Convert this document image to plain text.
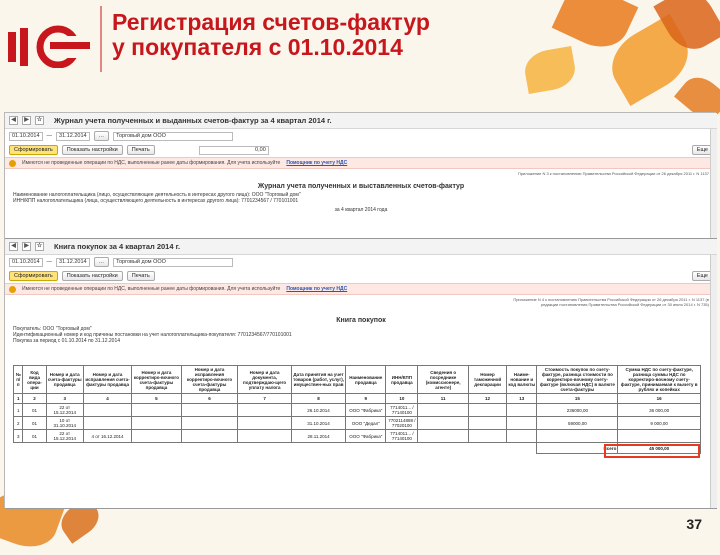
Регистрация счетов-фактур
у покупателя с 01.10.2014
◀	▶	☆ Журнал учета полученных и выданных счетов-фактур за 4 квартал 2014 г.
01.10.2014	—	31.12.2014	…	Торговый дом ООО
Сформировать	Показать настройки	Печать	0,00	Еще
Имеются не проведенные операции по НДС, выполненные ранее даты формирования. Для учета используйте Помощник по учету НДС
Приложение N 3 к постановлению Правительства Российской Федерации от 26 декабря 2011 г. N 1137
Журнал учета полученных и выставленных счетов-фактур
Наименование налогоплательщика (лицо, осуществляющее деятельность в интересах другого лица): ООО "Торговый дом"
ИНН/КПП налогоплательщика (лица, осуществляющего деятельность в интересах другого лица): 7701234567 / 770101001
за 4 квартал 2014 года
◀	▶	☆ Книга покупок за 4 квартал 2014 г.
01.10.2014	—	31.12.2014	…	Торговый дом ООО
Сформировать	Показать настройки	Печать	Еще
Имеются не проведенные операции по НДС, выполненные ранее даты формирования. Для учета используйте Помощник по учету НДС
Приложение N 4 к постановлению Правительства Российской Федерации от 26 декабря 2011 г. N 1137 (в редакции постановления Правительства Российской Федерации от 30 июля 2014 г. N 735)
Книга покупок
Покупатель: ООО "Торговый дом"
Идентификационный номер и код причины постановки на учет налогоплательщика-покупателя: 7701234567/770101001
Покупка за период с 01.10.2014 по 31.12.2014
№ п/п	Код вида опера-ции	Номер и дата счета-фактуры продавца	Номер и дата исправления счета-фактуры продавца	Номер и дата корректиро-вочного счета-фактуры продавца	Номер и дата исправления корректиро-вочного счета-фактуры продавца	Номер и дата документа, подтверждаю-щего уплату налога	Дата принятия на учет товаров (работ, услуг), имуществен-ных прав	Наименование продавца	ИНН/КПП продавца	Сведения о посреднике (комиссионере, агенте)	Номер таможенной декларации	Наиме-нование и код валюты	Стоимость покупок по счету-фактуре, разница стоимости по корректиро-вочному счету-фактуре (включая НДС) в валюте счета-фактуры	Сумма НДС по счету-фактуре, разница суммы НДС по корректиро-вочному счету-фактуре, принимаемая к вычету в рублях и копейках
1	2	3	4	5	6	7	8	9	10	11	12	13	15	16
1	01	22 от 15.12.2014					26.10.2014	ООО "Фабрика"	7714011... / 77140100				236000,00	36 000,00
2	01	10 от 31.10.2014					31.10.2014	ООО "Дедал"	7702114888 / 77020100				59000,00	9 000,00
3	01	22 от 15.12.2014	4 от 16.12.2014				28.11.2014	ООО "Фабрика"	7714011... / 77140100					
													Всего	45 000,00
37
